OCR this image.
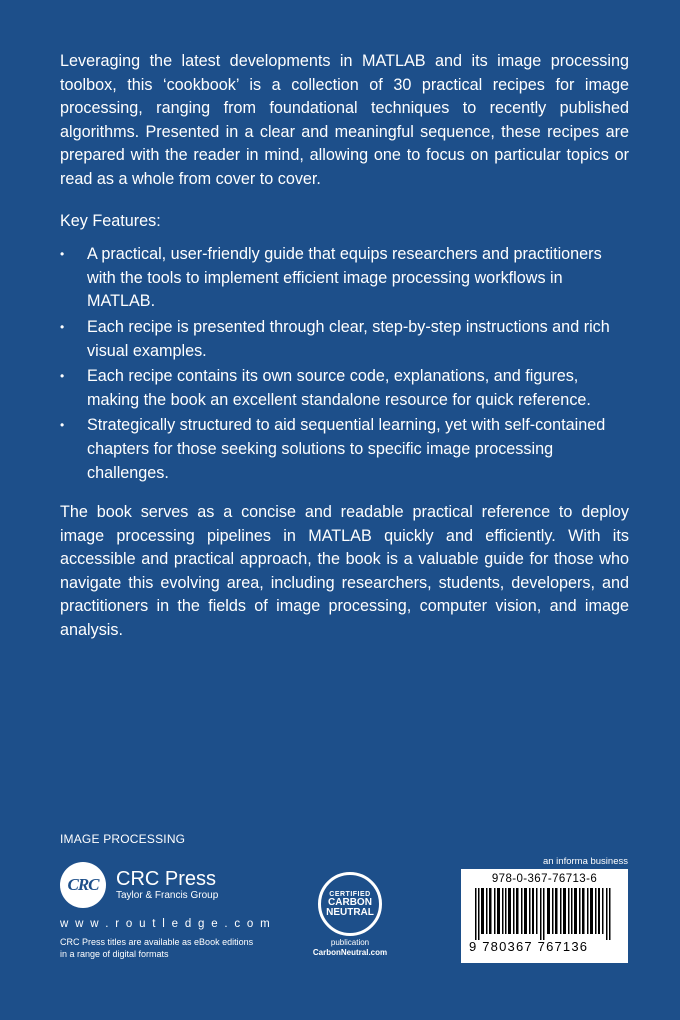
Leveraging the latest developments in MATLAB and its image processing toolbox, this ‘cookbook’ is a collection of 30 practical recipes for image processing, ranging from foundational techniques to recently published algorithms. Presented in a clear and meaningful sequence, these recipes are prepared with the reader in mind, allowing one to focus on particular topics or read as a whole from cover to cover.

Key Features:
• A practical, user-friendly guide that equips researchers and practitioners with the tools to implement efficient image processing workflows in MATLAB.
• Each recipe is presented through clear, step-by-step instructions and rich visual examples.
• Each recipe contains its own source code, explanations, and figures, making the book an excellent standalone resource for quick reference.
• Strategically structured to aid sequential learning, yet with self-contained chapters for those seeking solutions to specific image processing challenges.

The book serves as a concise and readable practical reference to deploy image processing pipelines in MATLAB quickly and efficiently. With its accessible and practical approach, the book is a valuable guide for those who navigate this evolving area, including researchers, students, developers, and practitioners in the fields of image processing, computer vision, and image analysis.

IMAGE PROCESSING
CRC CRC Press
Taylor & Francis Group
w w w . r o u t l e d g e . c o m
CRC Press titles are available as eBook editions
in a range of digital formats
CERTIFIED
CARBON
NEUTRAL
publication
CarbonNeutral.com
an informa business
978-0-367-76713-6
9 780367 767136
